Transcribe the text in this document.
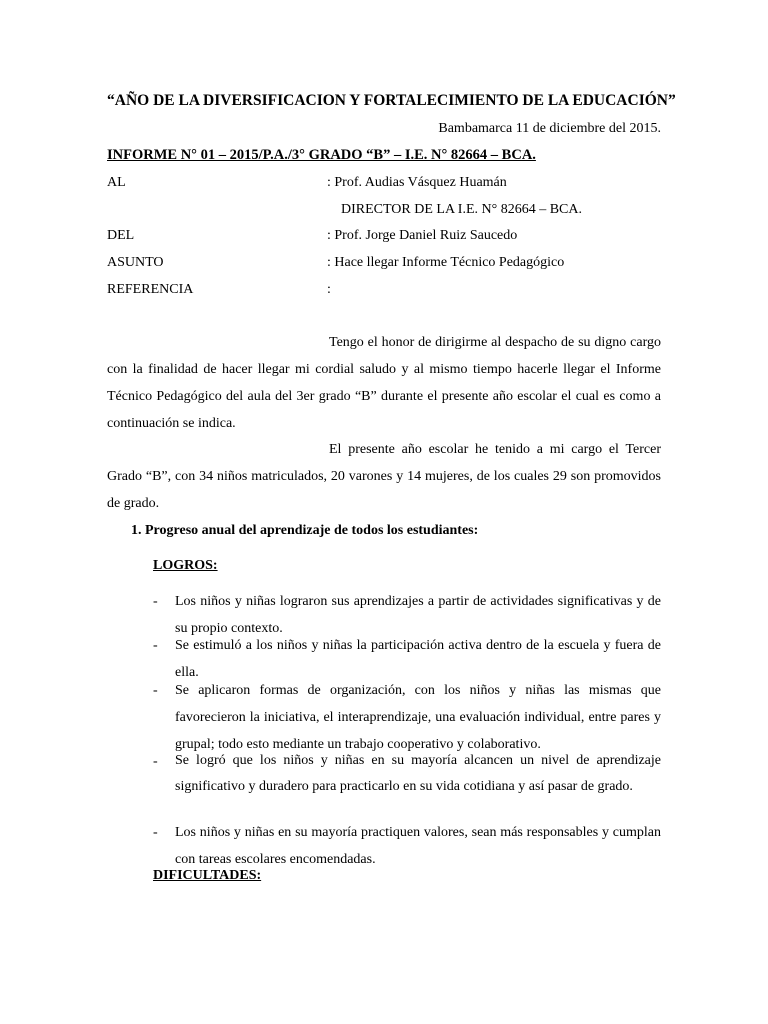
“AÑO DE LA DIVERSIFICACION Y FORTALECIMIENTO DE LA EDUCACIÓN”
Bambamarca 11 de diciembre del 2015.
INFORME N° 01 – 2015/P.A./3° GRADO “B” – I.E. N° 82664 – BCA.
AL	: Prof. Audias Vásquez Huamán
DIRECTOR DE LA I.E. N° 82664 – BCA.
DEL	: Prof. Jorge Daniel Ruiz Saucedo
ASUNTO	: Hace llegar Informe Técnico Pedagógico
REFERENCIA	:
Tengo el honor de dirigirme al despacho de su digno cargo con la finalidad de hacer llegar mi cordial saludo y al mismo tiempo hacerle llegar el Informe Técnico Pedagógico del aula del 3er grado “B” durante el presente año escolar el cual es como a continuación se indica.
El presente año escolar he tenido a mi cargo el Tercer Grado “B”, con 34 niños matriculados, 20 varones y 14 mujeres, de los cuales 29 son promovidos de grado.
1. Progreso anual del aprendizaje de todos los estudiantes:
LOGROS:
- Los niños y niñas lograron sus aprendizajes a partir de actividades significativas y de su propio contexto.
- Se estimuló a los niños y niñas la participación activa dentro de la escuela y fuera de ella.
- Se aplicaron formas de organización, con los niños y niñas las mismas que favorecieron la iniciativa, el interaprendizaje, una evaluación individual, entre pares y grupal; todo esto mediante un trabajo cooperativo y colaborativo.
- Se logró que los niños y niñas en su mayoría alcancen un nivel de aprendizaje significativo y duradero para practicarlo en su vida cotidiana y así pasar de grado.
- Los niños y niñas en su mayoría practiquen valores, sean más responsables y cumplan con tareas escolares encomendadas.
DIFICULTADES:
